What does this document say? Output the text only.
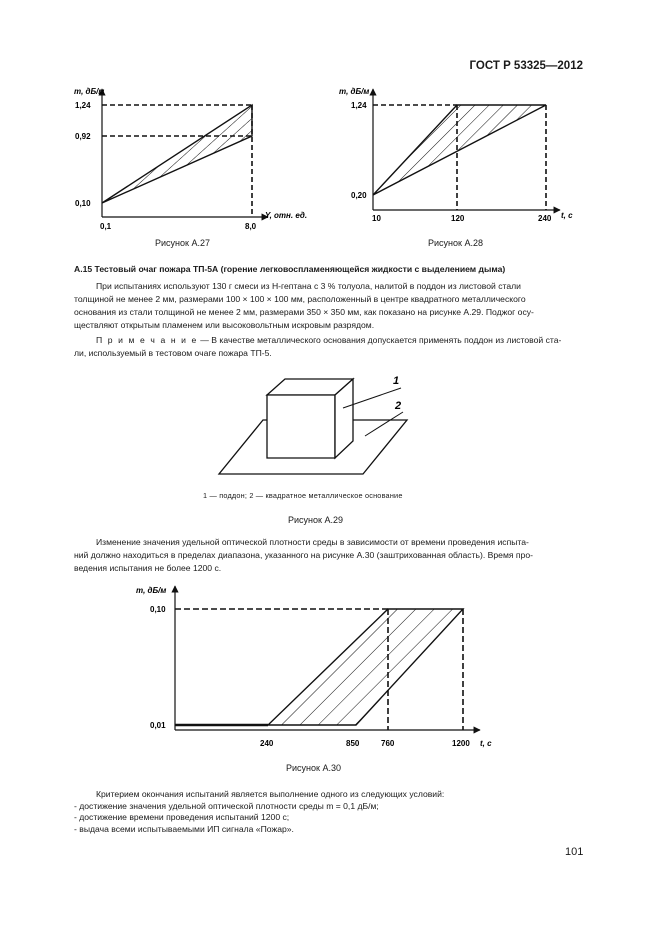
ГОСТ Р 53325—2012
m, дБ/м
Y, отн. ед.
1,24
0,92
0,10
0,1	8,0
Рисунок А.27
m, дБ/м
t, с
1,24
0,20
10	120	240
Рисунок А.28
А.15 Тестовый очаг пожара ТП-5А (горение легковоспламеняющейся жидкости с выделением дыма)

При испытаниях используют 130 г смеси из Н-гептана с 3 % толуола, налитой в поддон из листовой стали

толщиной не менее 2 мм, размерами 100 × 100 × 100 мм, расположенный в центре квадратного металлического
основания из стали толщиной не менее 2 мм, размерами 350 × 350 мм, как показано на рисунке А.29. Поджог осу-
ществляют открытым пламенем или высоковольтным искровым разрядом.

П р и м е ч а н и е — В качестве металлического основания допускается применять поддон из листовой ста-

ли, используемый в тестовом очаге пожара ТП-5.
1
2
1 — поддон; 2 — квадратное металлическое основание
Рисунок А.29

Изменение значения удельной оптической плотности среды в зависимости от времени проведения испыта-

ний должно находиться в пределах диапазона, указанного на рисунке А.30 (заштрихованная область). Время про-
ведения испытания не более 1200 с.
m, дБ/м
t, с
0,10
0,01
240	850	760	1200
Рисунок А.30
Критерием окончания испытаний является выполнение одного из следующих условий:
- достижение значения удельной оптической плотности среды m = 0,1 дБ/м;
- достижение времени проведения испытаний 1200 с;
- выдача всеми испытываемыми ИП сигнала «Пожар».
101
